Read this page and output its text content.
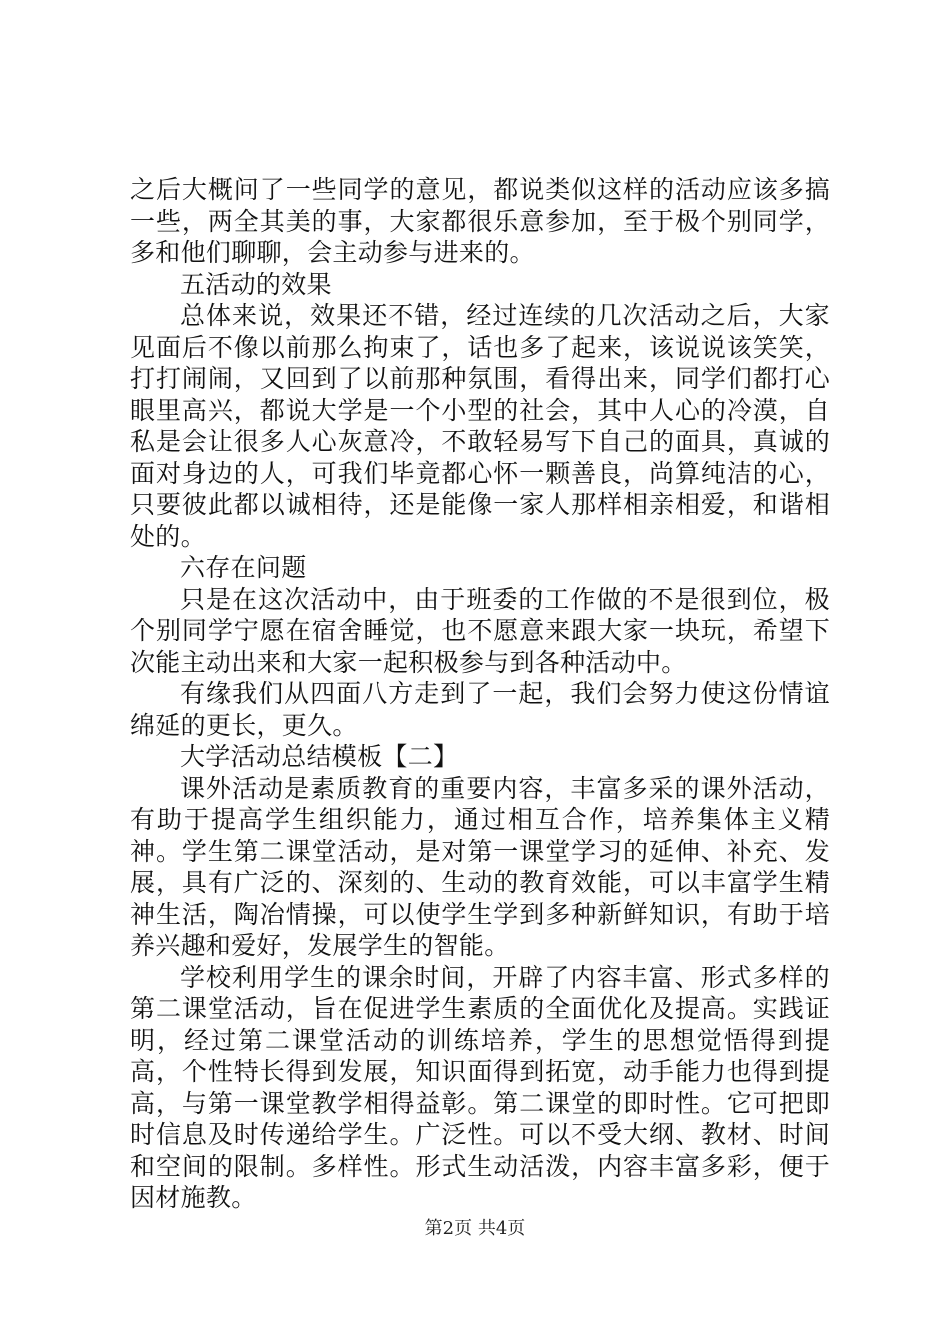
之后大概问了一些同学的意见，都说类似这样的活动应该多搞一些，两全其美的事，大家都很乐意参加，至于极个别同学，多和他们聊聊，会主动参与进来的。

五活动的效果

总体来说，效果还不错，经过连续的几次活动之后，大家见面后不像以前那么拘束了，话也多了起来，该说说该笑笑，打打闹闹，又回到了以前那种氛围，看得出来，同学们都打心眼里高兴，都说大学是一个小型的社会，其中人心的冷漠，自私是会让很多人心灰意冷，不敢轻易写下自己的面具，真诚的面对身边的人，可我们毕竟都心怀一颗善良，尚算纯洁的心，只要彼此都以诚相待，还是能像一家人那样相亲相爱，和谐相处的。

六存在问题

只是在这次活动中，由于班委的工作做的不是很到位，极个别同学宁愿在宿舍睡觉，也不愿意来跟大家一块玩，希望下次能主动出来和大家一起积极参与到各种活动中。

有缘我们从四面八方走到了一起，我们会努力使这份情谊绵延的更长，更久。

大学活动总结模板【二】

课外活动是素质教育的重要内容，丰富多采的课外活动，有助于提高学生组织能力，通过相互合作，培养集体主义精神。学生第二课堂活动，是对第一课堂学习的延伸、补充、发展，具有广泛的、深刻的、生动的教育效能，可以丰富学生精神生活，陶冶情操，可以使学生学到多种新鲜知识，有助于培养兴趣和爱好，发展学生的智能。

学校利用学生的课余时间，开辟了内容丰富、形式多样的第二课堂活动，旨在促进学生素质的全面优化及提高。实践证明，经过第二课堂活动的训练培养，学生的思想觉悟得到提高，个性特长得到发展，知识面得到拓宽，动手能力也得到提高，与第一课堂教学相得益彰。第二课堂的即时性。它可把即时信息及时传递给学生。广泛性。可以不受大纲、教材、时间和空间的限制。多样性。形式生动活泼，内容丰富多彩，便于因材施教。

第2页 共4页
